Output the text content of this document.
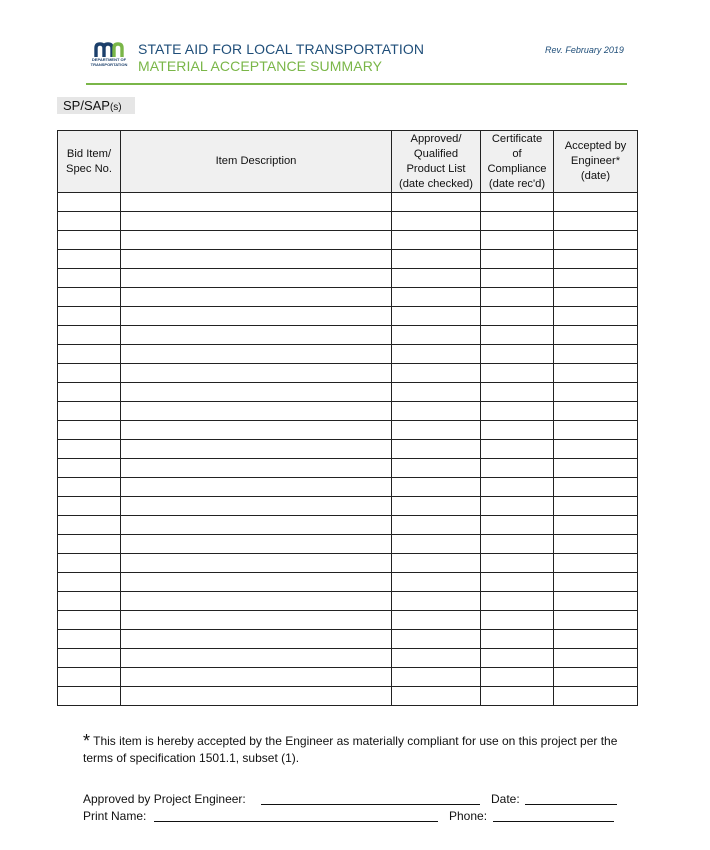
DEPARTMENT OF TRANSPORTATION
STATE AID FOR LOCAL TRANSPORTATION
MATERIAL ACCEPTANCE SUMMARY
Rev. February 2019
SP/SAP(s)
Bid Item/
Spec No.	Item Description	Approved/
Qualified
Product List
(date checked)	Certificate
of
Compliance
(date rec'd)	Accepted by
Engineer*
(date)

* This item is hereby accepted by the Engineer as materially compliant for use on this project per the terms of specification 1501.1, subset (1).
Approved by Project Engineer:	Date:
Print Name:	Phone:
